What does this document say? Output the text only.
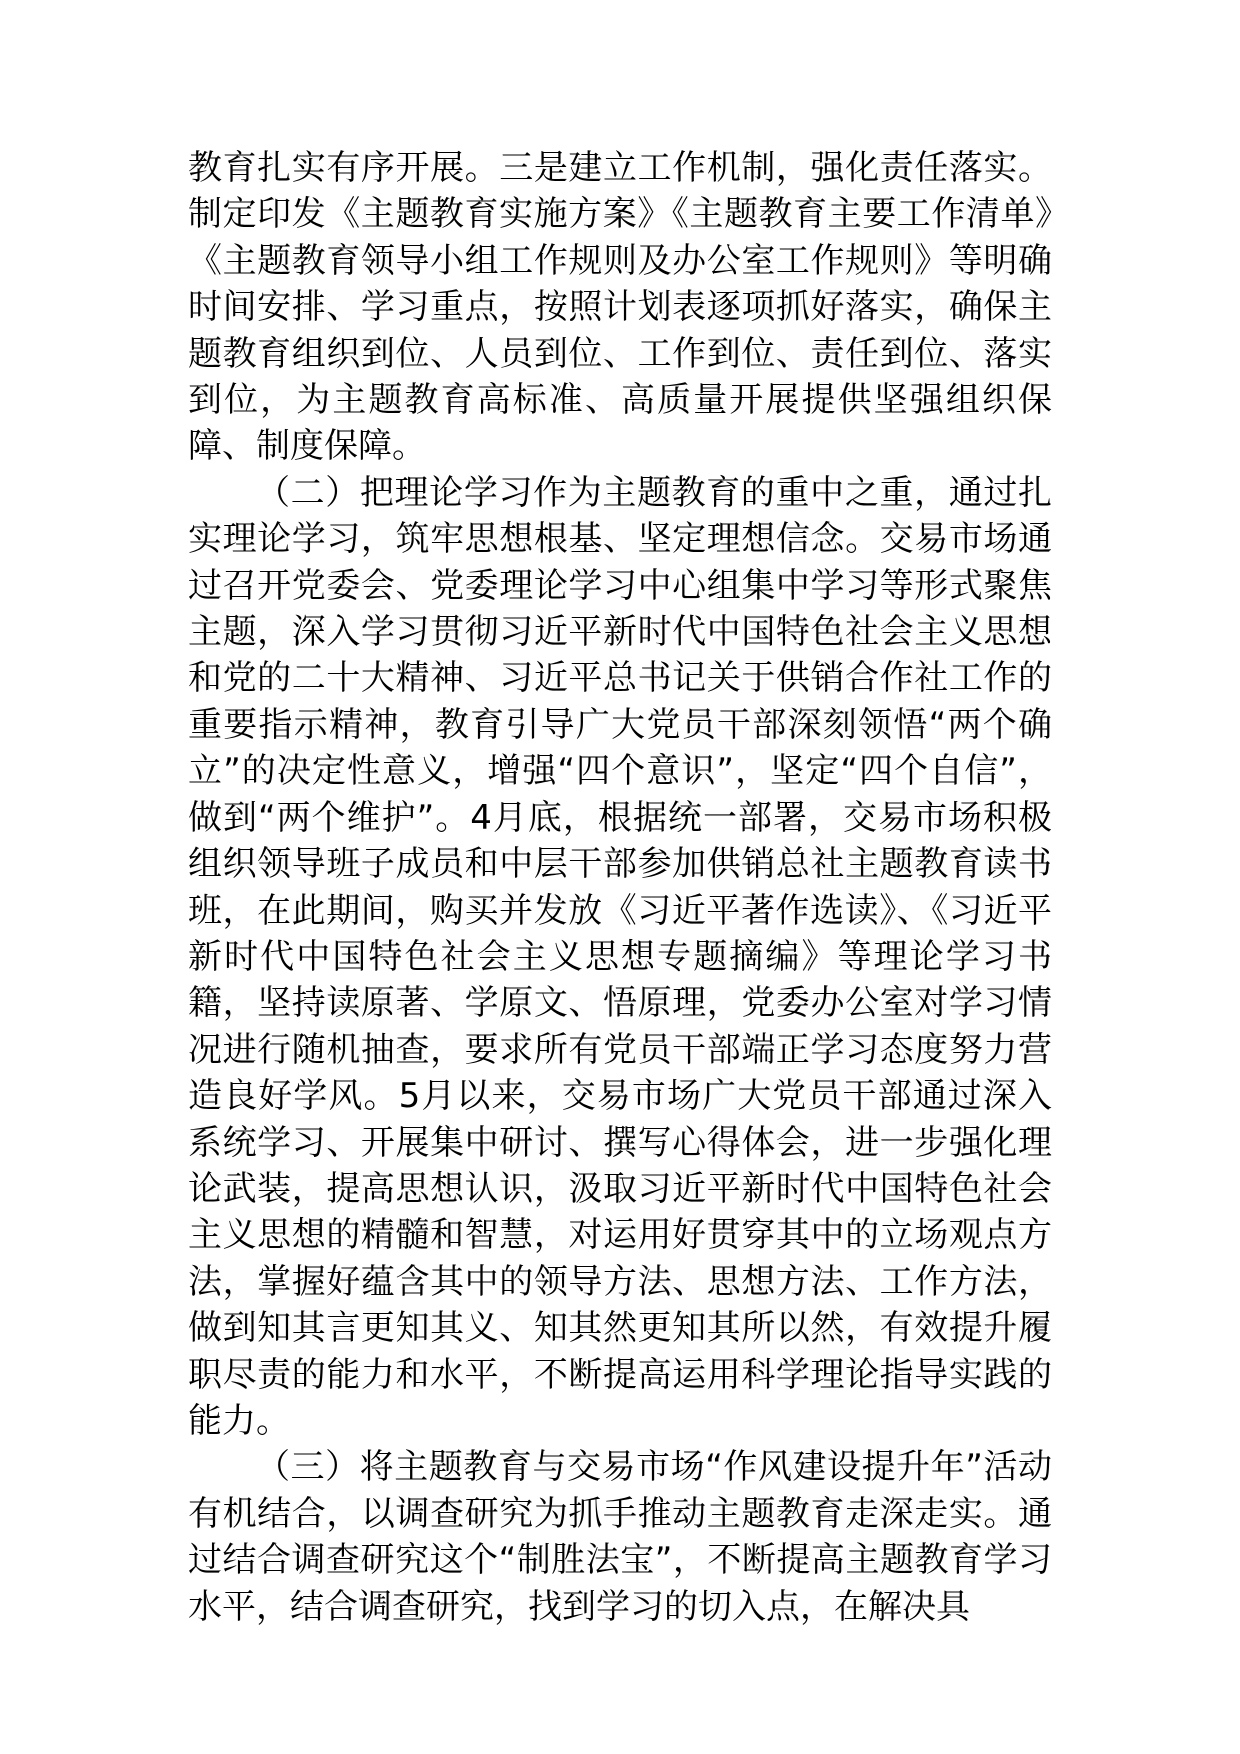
教育扎实有序开展。三是建立工作机制，强化责任落实。制定印发《主题教育实施方案》《主题教育主要工作清单》《主题教育领导小组工作规则及办公室工作规则》等明确时间安排、学习重点，按照计划表逐项抓好落实，确保主题教育组织到位、人员到位、工作到位、责任到位、落实到位，为主题教育高标准、高质量开展提供坚强组织保障、制度保障。

（二）把理论学习作为主题教育的重中之重，通过扎实理论学习，筑牢思想根基、坚定理想信念。交易市场通过召开党委会、党委理论学习中心组集中学习等形式聚焦主题，深入学习贯彻习近平新时代中国特色社会主义思想和党的二十大精神、习近平总书记关于供销合作社工作的重要指示精神，教育引导广大党员干部深刻领悟“两个确立”的决定性意义，增强“四个意识”，坚定“四个自信”，做到“两个维护”。4月底，根据统一部署，交易市场积极组织领导班子成员和中层干部参加供销总社主题教育读书班，在此期间，购买并发放《习近平著作选读》、《习近平新时代中国特色社会主义思想专题摘编》等理论学习书籍，坚持读原著、学原文、悟原理，党委办公室对学习情况进行随机抽查，要求所有党员干部端正学习态度努力营造良好学风。5月以来，交易市场广大党员干部通过深入系统学习、开展集中研讨、撰写心得体会，进一步强化理论武装，提高思想认识，汲取习近平新时代中国特色社会主义思想的精髓和智慧，对运用好贯穿其中的立场观点方法，掌握好蕴含其中的领导方法、思想方法、工作方法，做到知其言更知其义、知其然更知其所以然，有效提升履职尽责的能力和水平，不断提高运用科学理论指导实践的能力。

（三）将主题教育与交易市场“作风建设提升年”活动有机结合，以调查研究为抓手推动主题教育走深走实。通过结合调查研究这个“制胜法宝”，不断提高主题教育学习水平，结合调查研究，找到学习的切入点，在解决具
